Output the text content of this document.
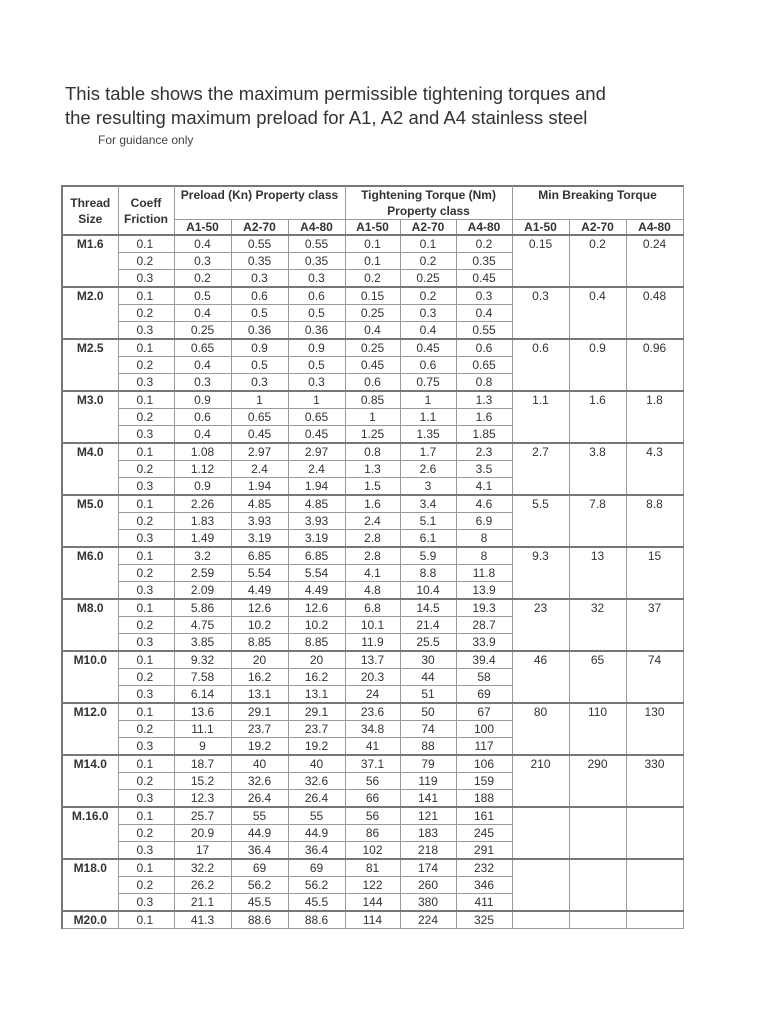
This table shows the maximum permissible tightening torques and
the resulting maximum preload for A1, A2 and A4 stainless steel
For guidance only
Thread Size	Coeff Friction	Preload (Kn) Property class			Tightening Torque (Nm) Property class			Min Breaking Torque		

		A1-50	A2-70	A4-80	A1-50	A2-70	A4-80	A1-50	A2-70	A4-80
M1.6	0.1	0.4	0.55	0.55	0.1	0.1	0.2	0.15	0.2	0.24
	0.2	0.3	0.35	0.35	0.1	0.2	0.35			
	0.3	0.2	0.3	0.3	0.2	0.25	0.45			
M2.0	0.1	0.5	0.6	0.6	0.15	0.2	0.3	0.3	0.4	0.48
	0.2	0.4	0.5	0.5	0.25	0.3	0.4			
	0.3	0.25	0.36	0.36	0.4	0.4	0.55			
M2.5	0.1	0.65	0.9	0.9	0.25	0.45	0.6	0.6	0.9	0.96
	0.2	0.4	0.5	0.5	0.45	0.6	0.65			
	0.3	0.3	0.3	0.3	0.6	0.75	0.8			
M3.0	0.1	0.9	1	1	0.85	1	1.3	1.1	1.6	1.8
	0.2	0.6	0.65	0.65	1	1.1	1.6			
	0.3	0.4	0.45	0.45	1.25	1.35	1.85			
M4.0	0.1	1.08	2.97	2.97	0.8	1.7	2.3	2.7	3.8	4.3
	0.2	1.12	2.4	2.4	1.3	2.6	3.5			
	0.3	0.9	1.94	1.94	1.5	3	4.1			
M5.0	0.1	2.26	4.85	4.85	1.6	3.4	4.6	5.5	7.8	8.8
	0.2	1.83	3.93	3.93	2.4	5.1	6.9			
	0.3	1.49	3.19	3.19	2.8	6.1	8			
M6.0	0.1	3.2	6.85	6.85	2.8	5.9	8	9.3	13	15
	0.2	2.59	5.54	5.54	4.1	8.8	11.8			
	0.3	2.09	4.49	4.49	4.8	10.4	13.9			
M8.0	0.1	5.86	12.6	12.6	6.8	14.5	19.3	23	32	37
	0.2	4.75	10.2	10.2	10.1	21.4	28.7			
	0.3	3.85	8.85	8.85	11.9	25.5	33.9			
M10.0	0.1	9.32	20	20	13.7	30	39.4	46	65	74
	0.2	7.58	16.2	16.2	20.3	44	58			
	0.3	6.14	13.1	13.1	24	51	69			
M12.0	0.1	13.6	29.1	29.1	23.6	50	67	80	110	130
	0.2	11.1	23.7	23.7	34.8	74	100			
	0.3	9	19.2	19.2	41	88	117			
M14.0	0.1	18.7	40	40	37.1	79	106	210	290	330
	0.2	15.2	32.6	32.6	56	119	159			
	0.3	12.3	26.4	26.4	66	141	188			
M.16.0	0.1	25.7	55	55	56	121	161			
	0.2	20.9	44.9	44.9	86	183	245			
	0.3	17	36.4	36.4	102	218	291			
M18.0	0.1	32.2	69	69	81	174	232			
	0.2	26.2	56.2	56.2	122	260	346			
	0.3	21.1	45.5	45.5	144	380	411			
M20.0	0.1	41.3	88.6	88.6	114	224	325			
